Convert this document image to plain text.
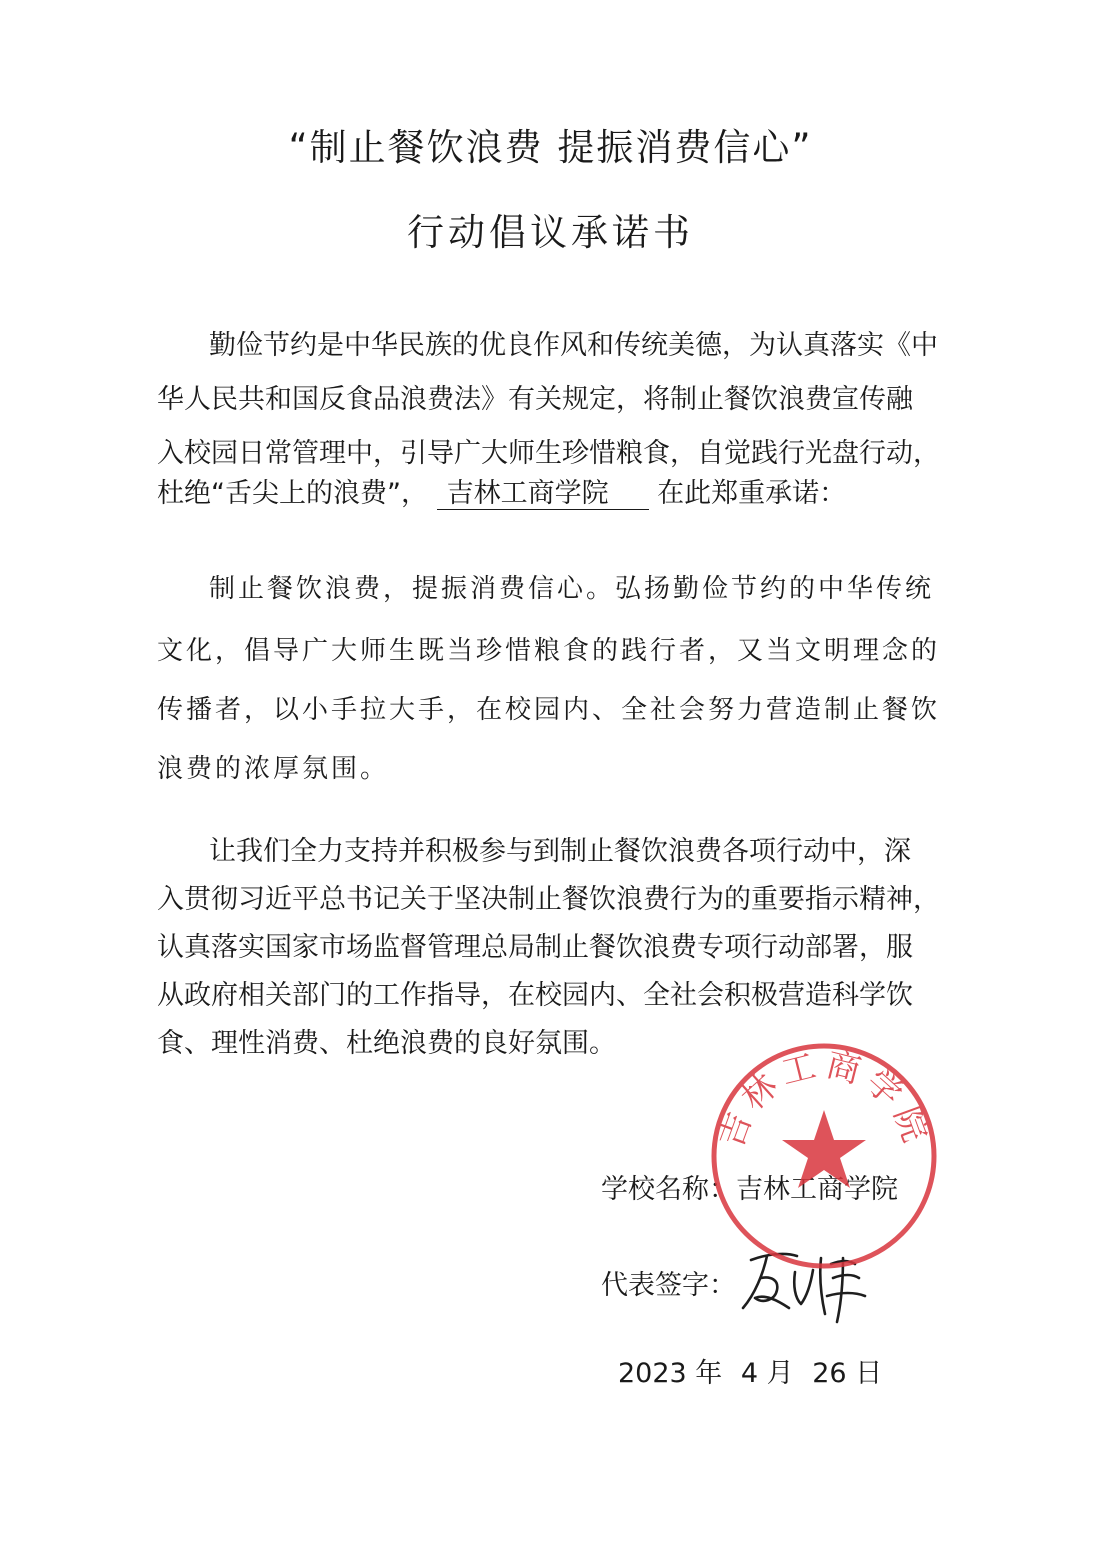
“制止餐饮浪费 提振消费信心”
行动倡议承诺书
勤俭节约是中华民族的优良作风和传统美德，为认真落实《中
华人民共和国反食品浪费法》有关规定，将制止餐饮浪费宣传融
入校园日常管理中，引导广大师生珍惜粮食，自觉践行光盘行动，
杜绝“舌尖上的浪费”， 吉林工商学院 在此郑重承诺：
制止餐饮浪费，提振消费信心。弘扬勤俭节约的中华传统
文化，倡导广大师生既当珍惜粮食的践行者，又当文明理念的
传播者，以小手拉大手，在校园内、全社会努力营造制止餐饮
浪费的浓厚氛围。
让我们全力支持并积极参与到制止餐饮浪费各项行动中，深
入贯彻习近平总书记关于坚决制止餐饮浪费行为的重要指示精神，
认真落实国家市场监督管理总局制止餐饮浪费专项行动部署，服
从政府相关部门的工作指导，在校园内、全社会积极营造科学饮
食、理性消费、杜绝浪费的良好氛围。
学校名称：吉林工商学院
代表签字：
2023 年 4 月 26 日
吉林工商学院
